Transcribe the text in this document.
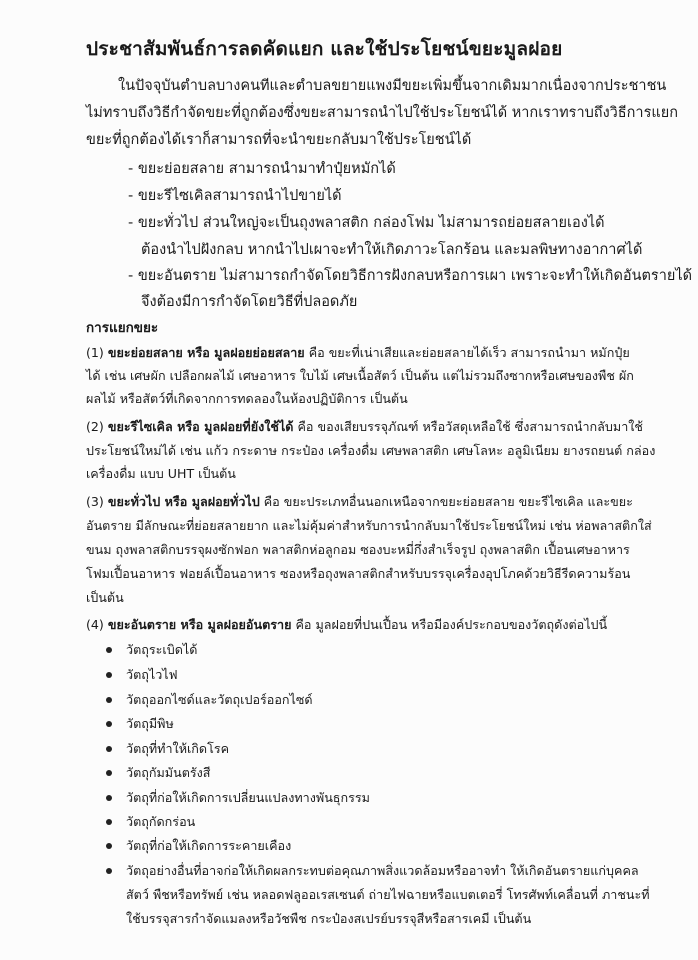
ประชาสัมพันธ์การลดคัดแยก และใช้ประโยชน์ขยะมูลฝอย
ในปัจจุบันตำบลบางคนทีและตำบลขยายแพงมีขยะเพิ่มขึ้นจากเดิมมากเนื่องจากประชาชน
ไม่ทราบถึงวิธีกำจัดขยะที่ถูกต้องซึ่งขยะสามารถนำไปใช้ประโยชน์ได้ หากเราทราบถึงวิธีการแยก
ขยะที่ถูกต้องได้เราก็สามารถที่จะนำขยะกลับมาใช้ประโยชน์ได้
- ขยะย่อยสลาย สามารถนำมาทำปุ๋ยหมักได้
- ขยะรีไซเคิลสามารถนำไปขายได้
- ขยะทั่วไป ส่วนใหญ่จะเป็นถุงพลาสติก กล่องโฟม ไม่สามารถย่อยสลายเองได้
ต้องนำไปฝังกลบ หากนำไปเผาจะทำให้เกิดภาวะโลกร้อน และมลพิษทางอากาศได้
- ขยะอันตราย ไม่สามารถกำจัดโดยวิธีการฝังกลบหรือการเผา เพราะจะทำให้เกิดอันตรายได้
จึงต้องมีการกำจัดโดยวิธีที่ปลอดภัย
การแยกขยะ
(1) ขยะย่อยสลาย หรือ มูลฝอยย่อยสลาย คือ ขยะที่เน่าเสียและย่อยสลายได้เร็ว สามารถนำมา หมักปุ๋ย
ได้ เช่น เศษผัก เปลือกผลไม้ เศษอาหาร ใบไม้ เศษเนื้อสัตว์ เป็นต้น แต่ไม่รวมถึงซากหรือเศษของพืช ผัก
ผลไม้ หรือสัตว์ที่เกิดจากการทดลองในห้องปฏิบัติการ เป็นต้น
(2) ขยะรีไซเคิล หรือ มูลฝอยที่ยังใช้ได้ คือ ของเสียบรรจุภัณฑ์ หรือวัสดุเหลือใช้ ซึ่งสามารถนำกลับมาใช้
ประโยชน์ใหม่ได้ เช่น แก้ว กระดาษ กระป๋อง เครื่องดื่ม เศษพลาสติก เศษโลหะ อลูมิเนียม ยางรถยนต์ กล่อง
เครื่องดื่ม แบบ UHT เป็นต้น
(3) ขยะทั่วไป หรือ มูลฝอยทั่วไป คือ ขยะประเภทอื่นนอกเหนือจากขยะย่อยสลาย ขยะรีไซเคิล และขยะ
อันตราย มีลักษณะที่ย่อยสลายยาก และไม่คุ้มค่าสำหรับการนำกลับมาใช้ประโยชน์ใหม่ เช่น ห่อพลาสติกใส่
ขนม ถุงพลาสติกบรรจุผงซักฟอก พลาสติกห่อลูกอม ซองบะหมี่กึ่งสำเร็จรูป ถุงพลาสติก เปื้อนเศษอาหาร
โฟมเปื้อนอาหาร ฟอยล์เปื้อนอาหาร ซองหรือถุงพลาสติกสำหรับบรรจุเครื่องอุปโภคด้วยวิธีรีดความร้อน
เป็นต้น
(4) ขยะอันตราย หรือ มูลฝอยอันตราย คือ มูลฝอยที่ปนเปื้อน หรือมีองค์ประกอบของวัตถุดังต่อไปนี้
วัตถุระเบิดได้
วัตถุไวไฟ
วัตถุออกไซด์และวัตถุเปอร์ออกไซด์
วัตถุมีพิษ
วัตถุที่ทำให้เกิดโรค
วัตถุกัมมันตรังสี
วัตถุที่ก่อให้เกิดการเปลี่ยนแปลงทางพันธุกรรม
วัตถุกัดกร่อน
วัตถุที่ก่อให้เกิดการระคายเคือง
วัตถุอย่างอื่นที่อาจก่อให้เกิดผลกระทบต่อคุณภาพสิ่งแวดล้อมหรืออาจทำ ให้เกิดอันตรายแก่บุคคล
สัตว์ พืชหรือทรัพย์ เช่น หลอดฟลูออเรสเซนต์ ถ่ายไฟฉายหรือแบตเตอรี่ โทรศัพท์เคลื่อนที่ ภาชนะที่
ใช้บรรจุสารกำจัดแมลงหรือวัชพืช กระป๋องสเปรย์บรรจุสีหรือสารเคมี เป็นต้น
